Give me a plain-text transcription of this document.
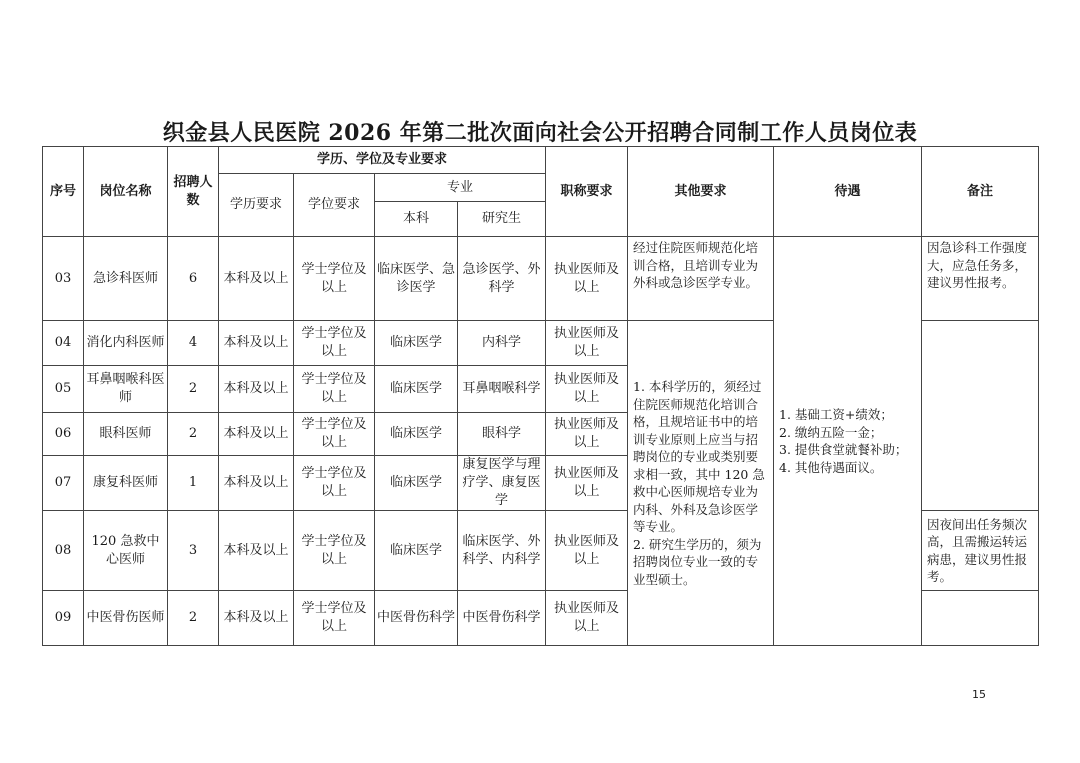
织金县人民医院 2026 年第二批次面向社会公开招聘合同制工作人员岗位表
序号	岗位名称	招聘人数	学历、学位及专业要求				职称要求	其他要求	待遇	备注
			学历要求	学位要求	专业					
					本科	研究生				
03	急诊科医师	6	本科及以上	学士学位及以上	临床医学、急诊医学	急诊医学、外科学	执业医师及以上	经过住院医师规范化培训合格，且培训专业为外科或急诊医学专业。	1. 基础工资+绩效；
2. 缴纳五险一金；
3. 提供食堂就餐补助；
4. 其他待遇面议。	因急诊科工作强度大，应急任务多，建议男性报考。
04	消化内科医师	4	本科及以上	学士学位及以上	临床医学	内科学	执业医师及以上	1. 本科学历的，须经过住院医师规范化培训合格，且规培证书中的培训专业原则上应当与招聘岗位的专业或类别要求相一致，其中 120 急救中心医师规培专业为内科、外科及急诊医学等专业。
2. 研究生学历的，须为招聘岗位专业一致的专业型硕士。		

05	耳鼻咽喉科医师	2	本科及以上	学士学位及以上	临床医学	耳鼻咽喉科学	执业医师及以上			
06	眼科医师	2	本科及以上	学士学位及以上	临床医学	眼科学	执业医师及以上			
07	康复科医师	1	本科及以上	学士学位及以上	临床医学	康复医学与理疗学、康复医学	执业医师及以上			
08	120 急救中心医师	3	本科及以上	学士学位及以上	临床医学	临床医学、外科学、内科学	执业医师及以上			因夜间出任务频次高，且需搬运转运病患，建议男性报考。
09	中医骨伤医师	2	本科及以上	学士学位及以上	中医骨伤科学	中医骨伤科学	执业医师及以上			
15
